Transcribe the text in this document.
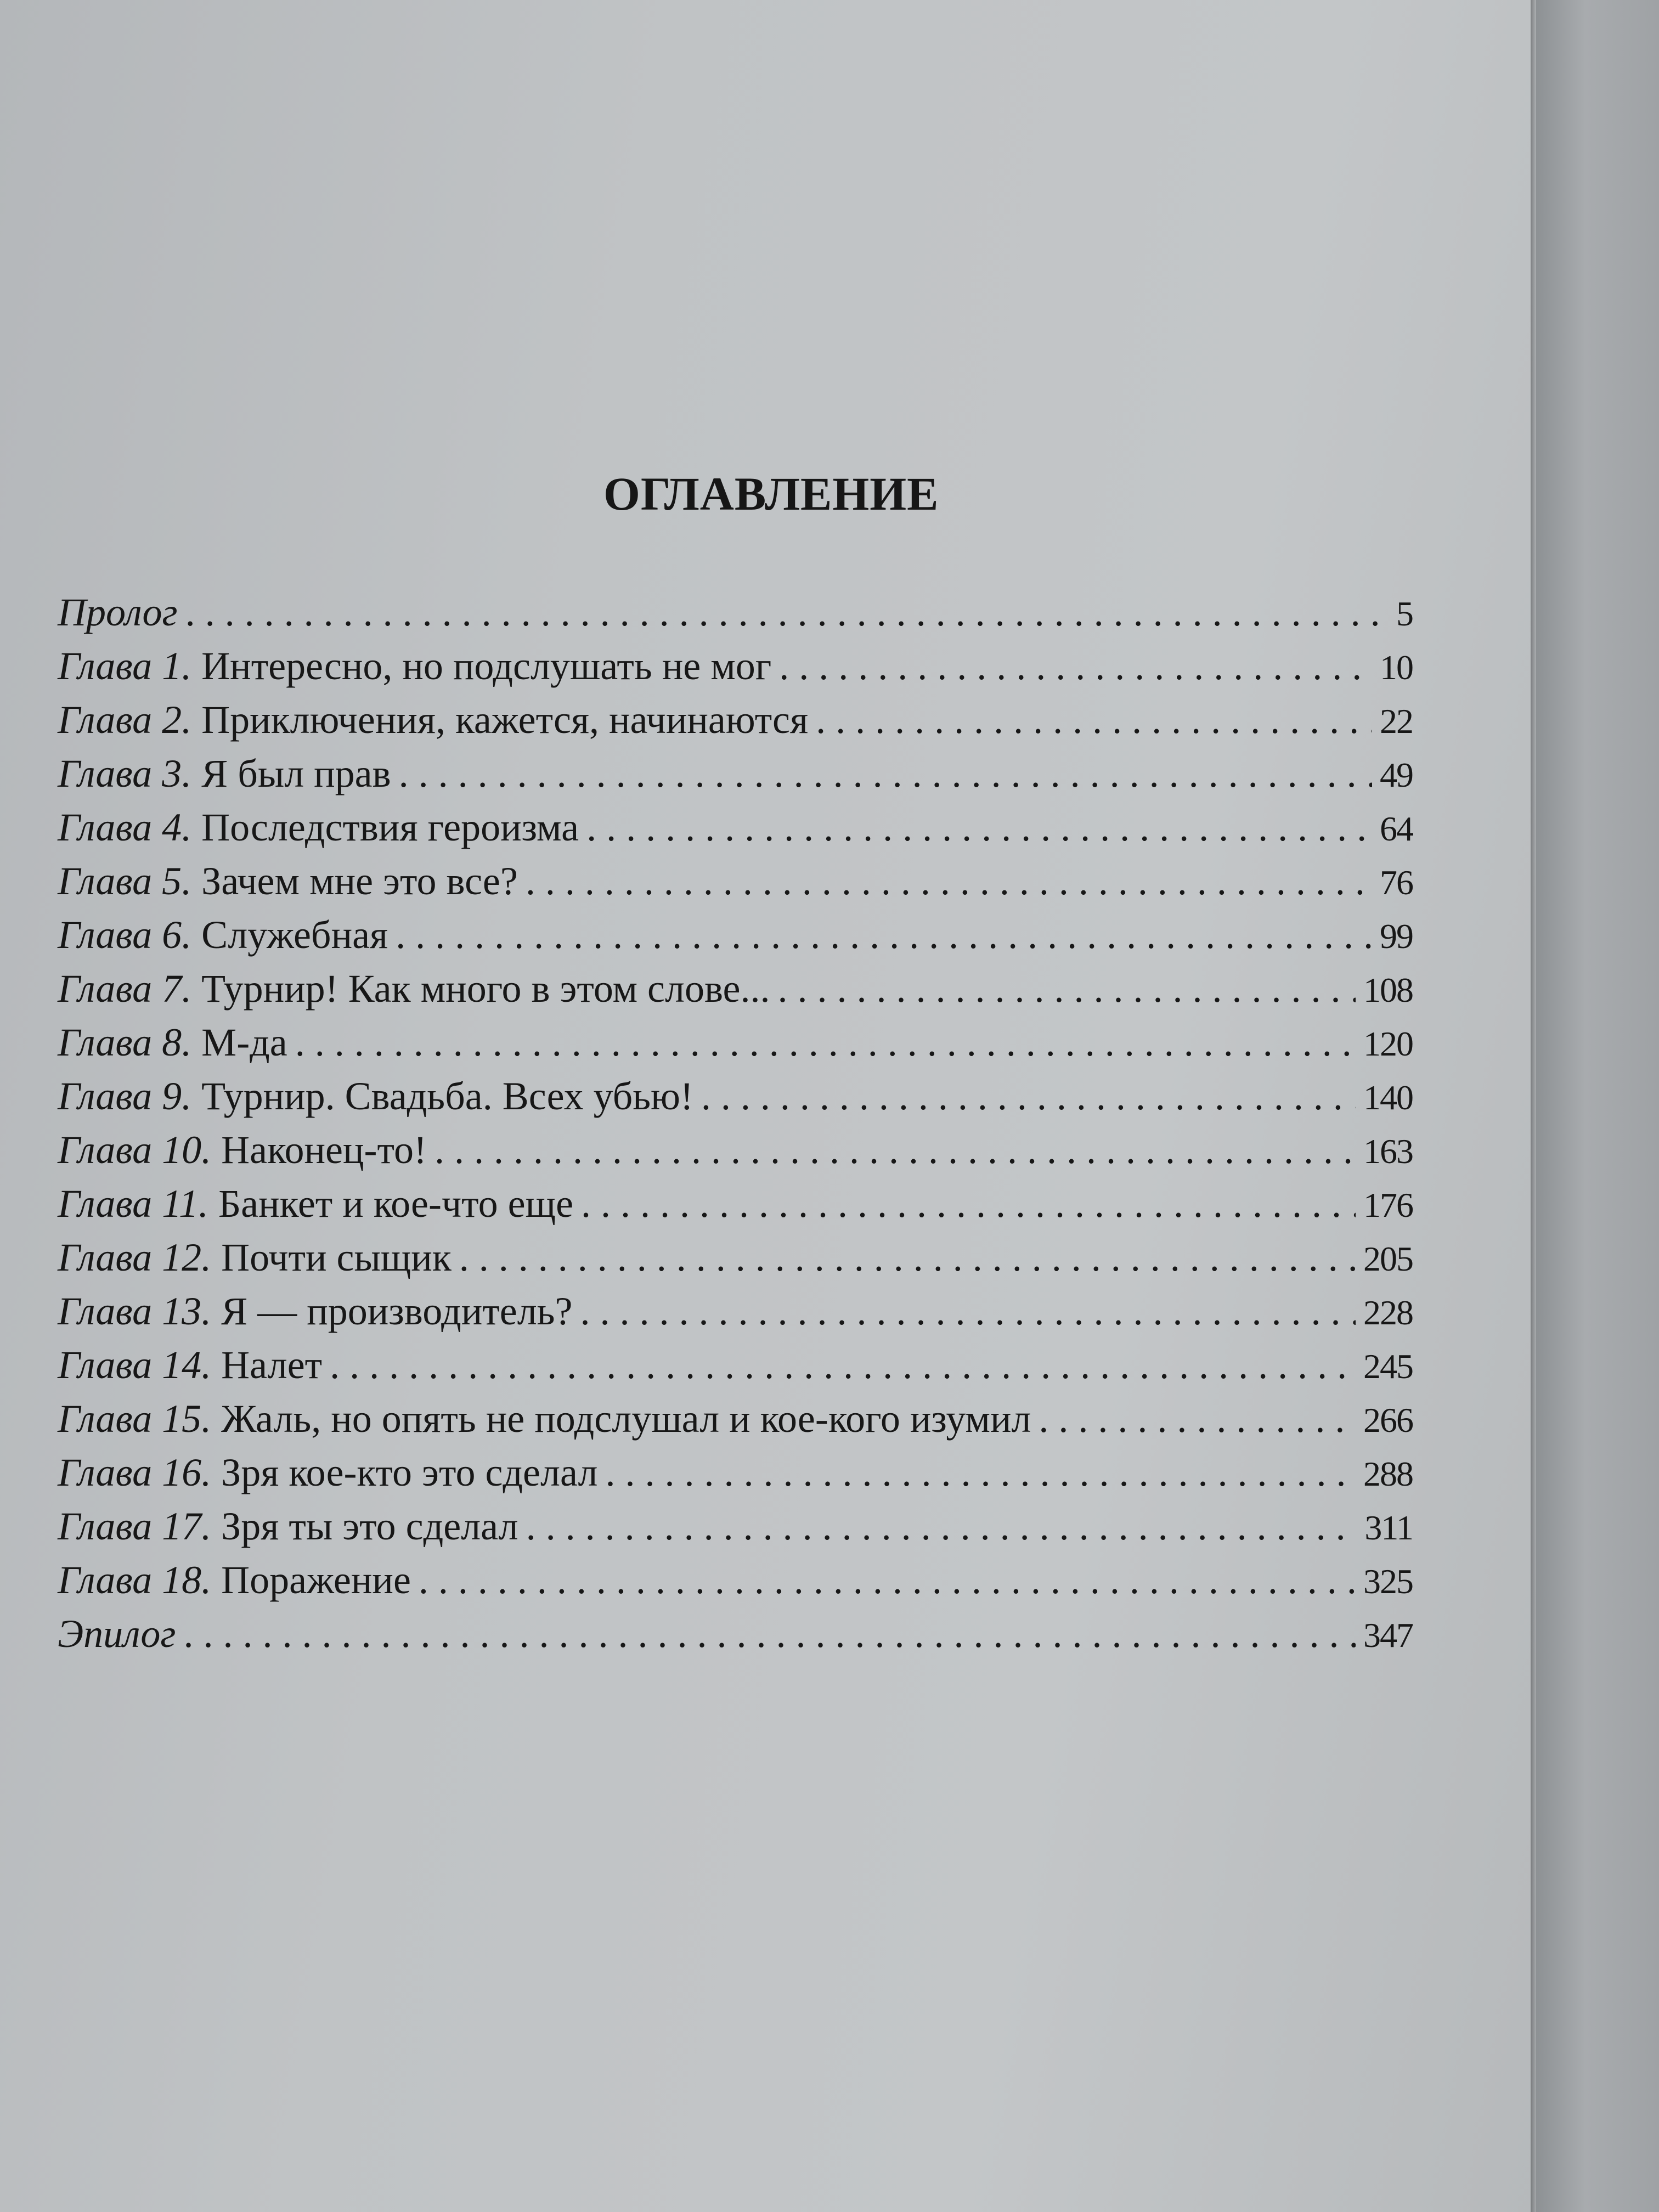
ОГЛАВЛЕНИЕ
Пролог . . .	5
Глава 1. Интересно, но подслушать не мог . . .	10
Глава 2. Приключения, кажется, начинаются . . .	22
Глава 3. Я был прав . . .	49
Глава 4. Последствия героизма . . .	64
Глава 5. Зачем мне это все? . . .	76
Глава 6. Служебная . . .	99
Глава 7. Турнир! Как много в этом слове... . . .	108
Глава 8. М-да . . .	120
Глава 9. Турнир. Свадьба. Всех убью! . . .	140
Глава 10. Наконец-то! . . .	163
Глава 11. Банкет и кое-что еще . . .	176
Глава 12. Почти сыщик . . .	205
Глава 13. Я — производитель? . . .	228
Глава 14. Налет . . .	245
Глава 15. Жаль, но опять не подслушал и кое-кого изумил . . .	266
Глава 16. Зря кое-кто это сделал . . .	288
Глава 17. Зря ты это сделал . . .	311
Глава 18. Поражение . . .	325
Эпилог . . .	347
